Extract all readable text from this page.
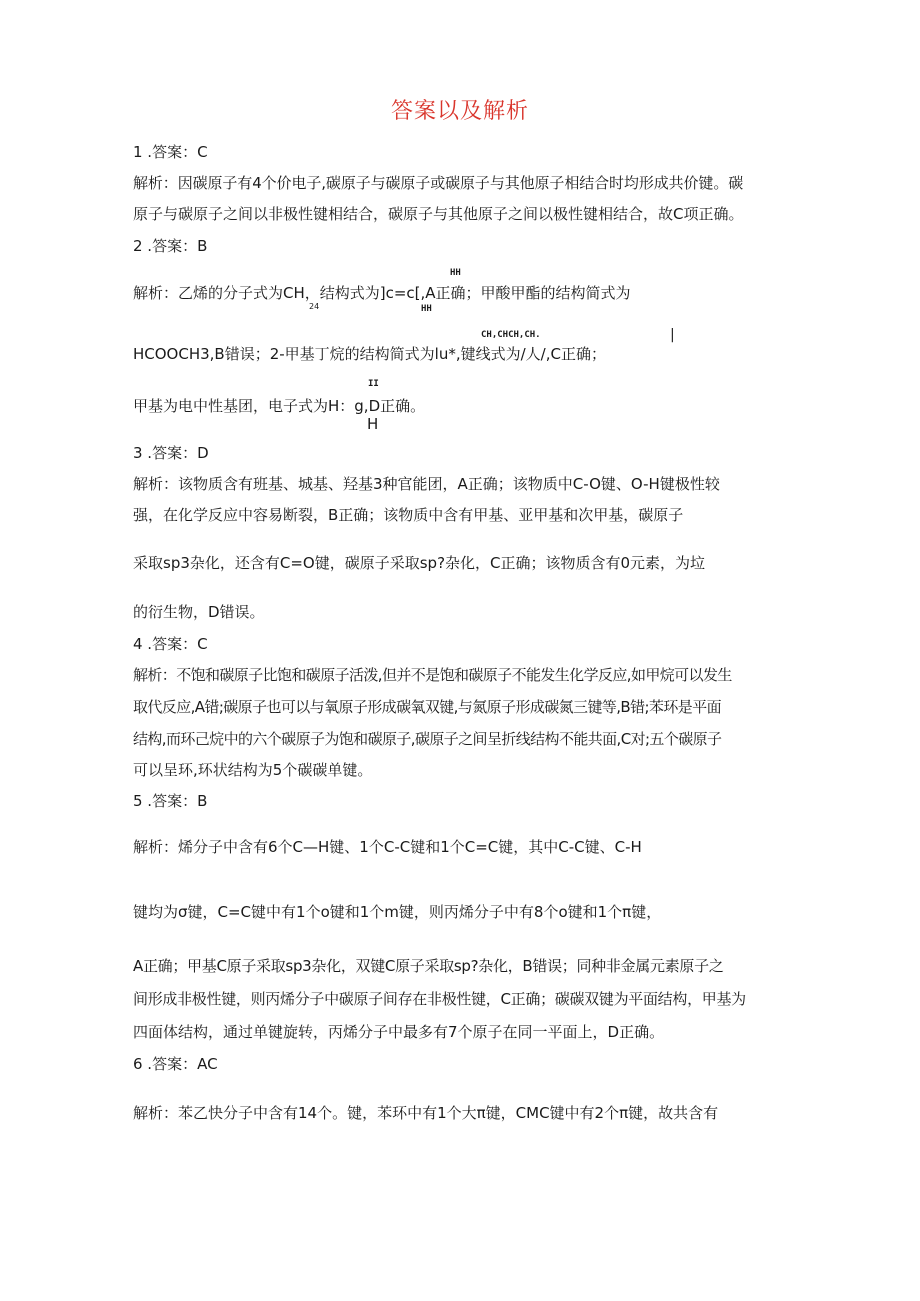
答案以及解析
1 .答案：C
解析：因碳原子有4个价电子,碳原子与碳原子或碳原子与其他原子相结合时均形成共价键。碳
原子与碳原子之间以非极性键相结合，碳原子与其他原子之间以极性键相结合，故C项正确。
2 .答案：B
HH
解析：乙烯的分子式为CH，结构式为]c=c[,A正确；甲酸甲酯的结构简式为
24	HH
CH,CHCH,CH.	|
HCOOCH3,B错误；2-甲基丁烷的结构简式为lu*,键线式为/人/,C正确；
II
甲基为电中性基团，电子式为H：g,D正确。
H
3 .答案：D
解析：该物质含有班基、城基、羟基3种官能团，A正确；该物质中C-O键、O-H键极性较
强，在化学反应中容易断裂，B正确；该物质中含有甲基、亚甲基和次甲基，碳原子
采取sp3杂化，还含有C=O键，碳原子采取sp?杂化，C正确；该物质含有0元素，为垃
的衍生物，D错误。
4 .答案：C
解析：不饱和碳原子比饱和碳原子活泼,但并不是饱和碳原子不能发生化学反应,如甲烷可以发生
取代反应,A错;碳原子也可以与氧原子形成碳氧双键,与氮原子形成碳氮三键等,B错;苯环是平面
结构,而环己烷中的六个碳原子为饱和碳原子,碳原子之间呈折线结构不能共面,C对;五个碳原子
可以呈环,环状结构为5个碳碳单键。
5 .答案：B
解析：烯分子中含有6个C—H键、1个C-C键和1个C=C键，其中C-C键、C-H
键均为σ键，C=C键中有1个o键和1个m键，则丙烯分子中有8个o键和1个π键，
A正确；甲基C原子采取sp3杂化，双键C原子采取sp?杂化，B错误；同种非金属元素原子之
间形成非极性键，则丙烯分子中碳原子间存在非极性键，C正确；碳碳双键为平面结构，甲基为
四面体结构，通过单键旋转，丙烯分子中最多有7个原子在同一平面上，D正确。
6 .答案：AC
解析：苯乙快分子中含有14个。键，苯环中有1个大π键，CMC键中有2个π键，故共含有
